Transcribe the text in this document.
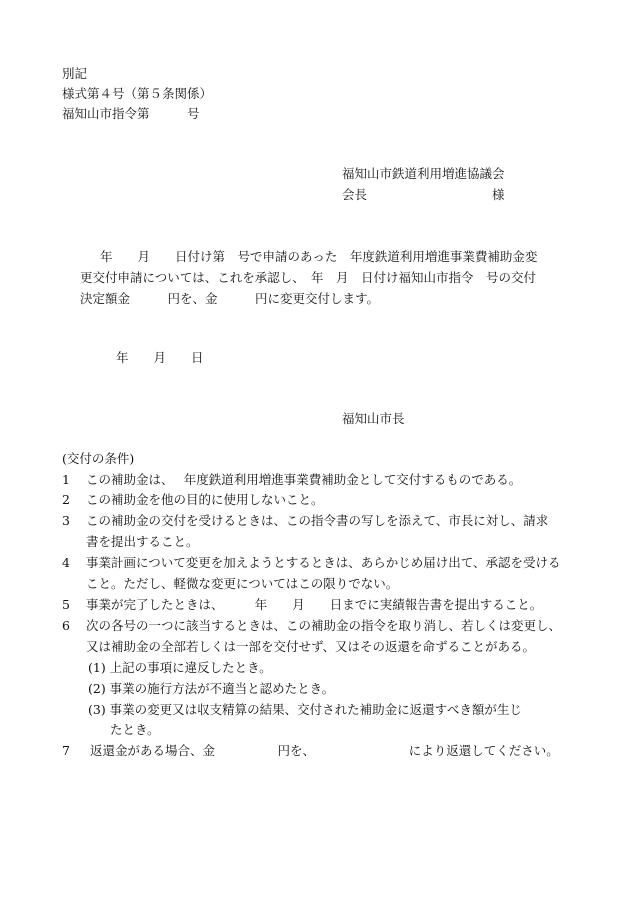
別記
様式第４号（第５条関係）
福知山市指令第　　　号
福知山市鉄道利用増進協議会
会長　　　　　　　　　　様
年　　月　　日付け第　号で申請のあった　年度鉄道利用増進事業費補助金変
更交付申請については、これを承認し、　年　月　日付け福知山市指令　号の交付
決定額金　　　円を、金　　　円に変更交付します。
年　　月　　日
福知山市長
(交付の条件)
1 この補助金は、　 年度鉄道利用増進事業費補助金として交付するものである。
2 この補助金を他の目的に使用しないこと。
3 この補助金の交付を受けるときは、この指令書の写しを添えて、市長に対し、請求
書を提出すること。
4 事業計画について変更を加えようとするときは、あらかじめ届け出て、承認を受ける
こと。ただし、軽微な変更についてはこの限りでない。
5 事業が完了したときは、　　　年　　月　　日までに実績報告書を提出すること。
6 次の各号の一つに該当するときは、この補助金の指令を取り消し、若しくは変更し、
又は補助金の全部若しくは一部を交付せず、又はその返還を命ずることがある。
(1) 上記の事項に違反したとき。
(2) 事業の施行方法が不適当と認めたとき。
(3) 事業の変更又は収支精算の結果、交付された補助金に返還すべき額が生じ
たとき。
7 返還金がある場合、金　　　　　円を、　　　　　　　　により返還してください。
